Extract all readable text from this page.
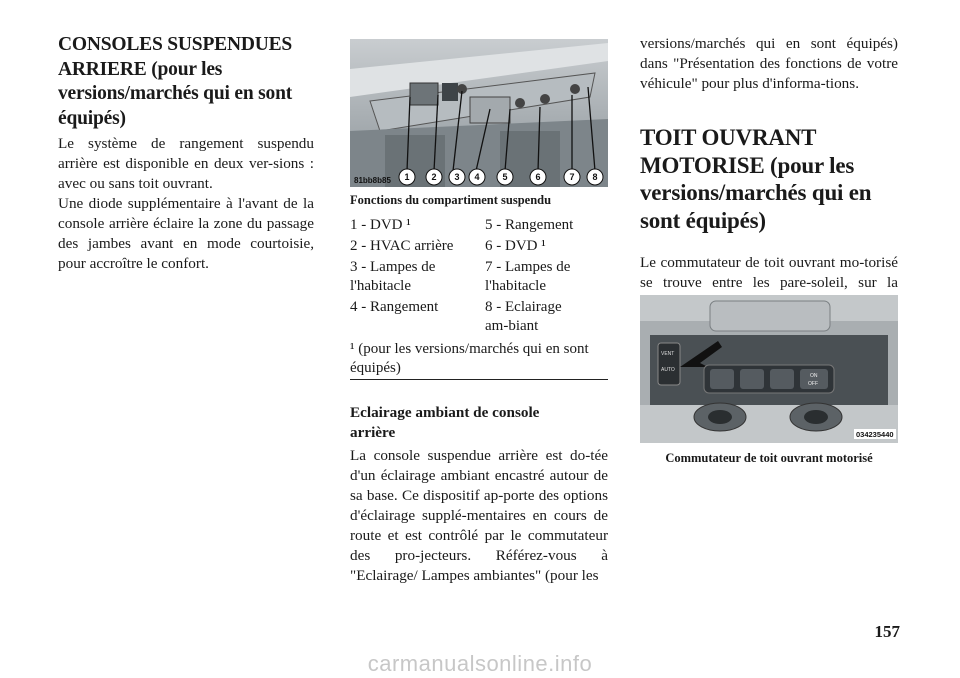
CONSOLES SUSPENDUES ARRIERE (pour les versions/marchés qui en sont équipés)

Le système de rangement suspendu arrière est disponible en deux ver-sions : avec ou sans toit ouvrant.

Une diode supplémentaire à l'avant de la console arrière éclaire la zone du passage des jambes avant en mode courtoisie, pour accroître le confort.

1 2 3 4	5	6	7 8
81bb8b85
Fonctions du compartiment suspendu
1 - DVD ¹	5 - Rangement
2 - HVAC arrière	6 - DVD ¹
3 - Lampes de l'habitacle	7 - Lampes de l'habitacle
4 - Rangement	8 - Eclairage am-biant
¹ (pour les versions/marchés qui en sont équipés)
Eclairage ambiant de console arrière

La console suspendue arrière est do-tée d'un éclairage ambiant encastré autour de sa base. Ce dispositif ap-porte des options d'éclairage supplé-mentaires en cours de route et est contrôlé par le commutateur des pro-jecteurs. Référez-vous à "Eclairage/ Lampes ambiantes" (pour les

versions/marchés qui en sont équipés) dans "Présentation des fonctions de votre véhicule" pour plus d'informa-tions.

TOIT OUVRANT MOTORISE (pour les versions/marchés qui en sont équipés)

Le commutateur de toit ouvrant mo-torisé se trouve entre les pare-soleil, sur la

VENT
AUTO
ON
OFF
034235440
Commutateur de toit ouvrant motorisé
157
carmanualsonline.info
